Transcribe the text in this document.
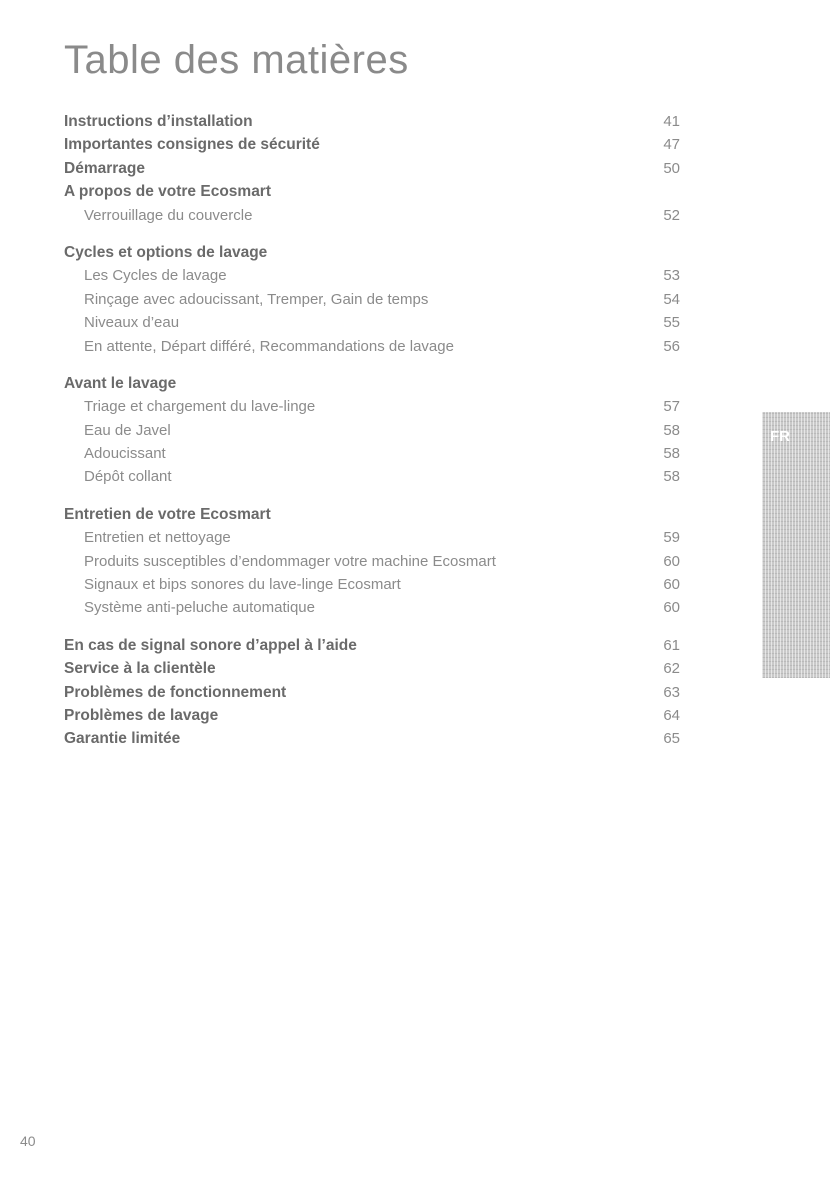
Table des matières
Instructions d’installation	41
Importantes consignes de sécurité	47
Démarrage	50
A propos de votre Ecosmart
Verrouillage du couvercle	52
Cycles et options de lavage
Les Cycles de lavage	53
Rinçage avec adoucissant, Tremper, Gain de temps	54
Niveaux d’eau	55
En attente, Départ différé, Recommandations de lavage	56
Avant le lavage
Triage et chargement du lave-linge	57
Eau de Javel	58
Adoucissant	58
Dépôt collant	58
Entretien de votre Ecosmart
Entretien et nettoyage	59
Produits susceptibles d’endommager votre machine Ecosmart	60
Signaux et bips sonores du lave-linge Ecosmart	60
Système anti-peluche automatique	60
En cas de signal sonore d’appel à l’aide	61
Service à la clientèle	62
Problèmes de fonctionnement	63
Problèmes de lavage	64
Garantie limitée	65
FR
40
